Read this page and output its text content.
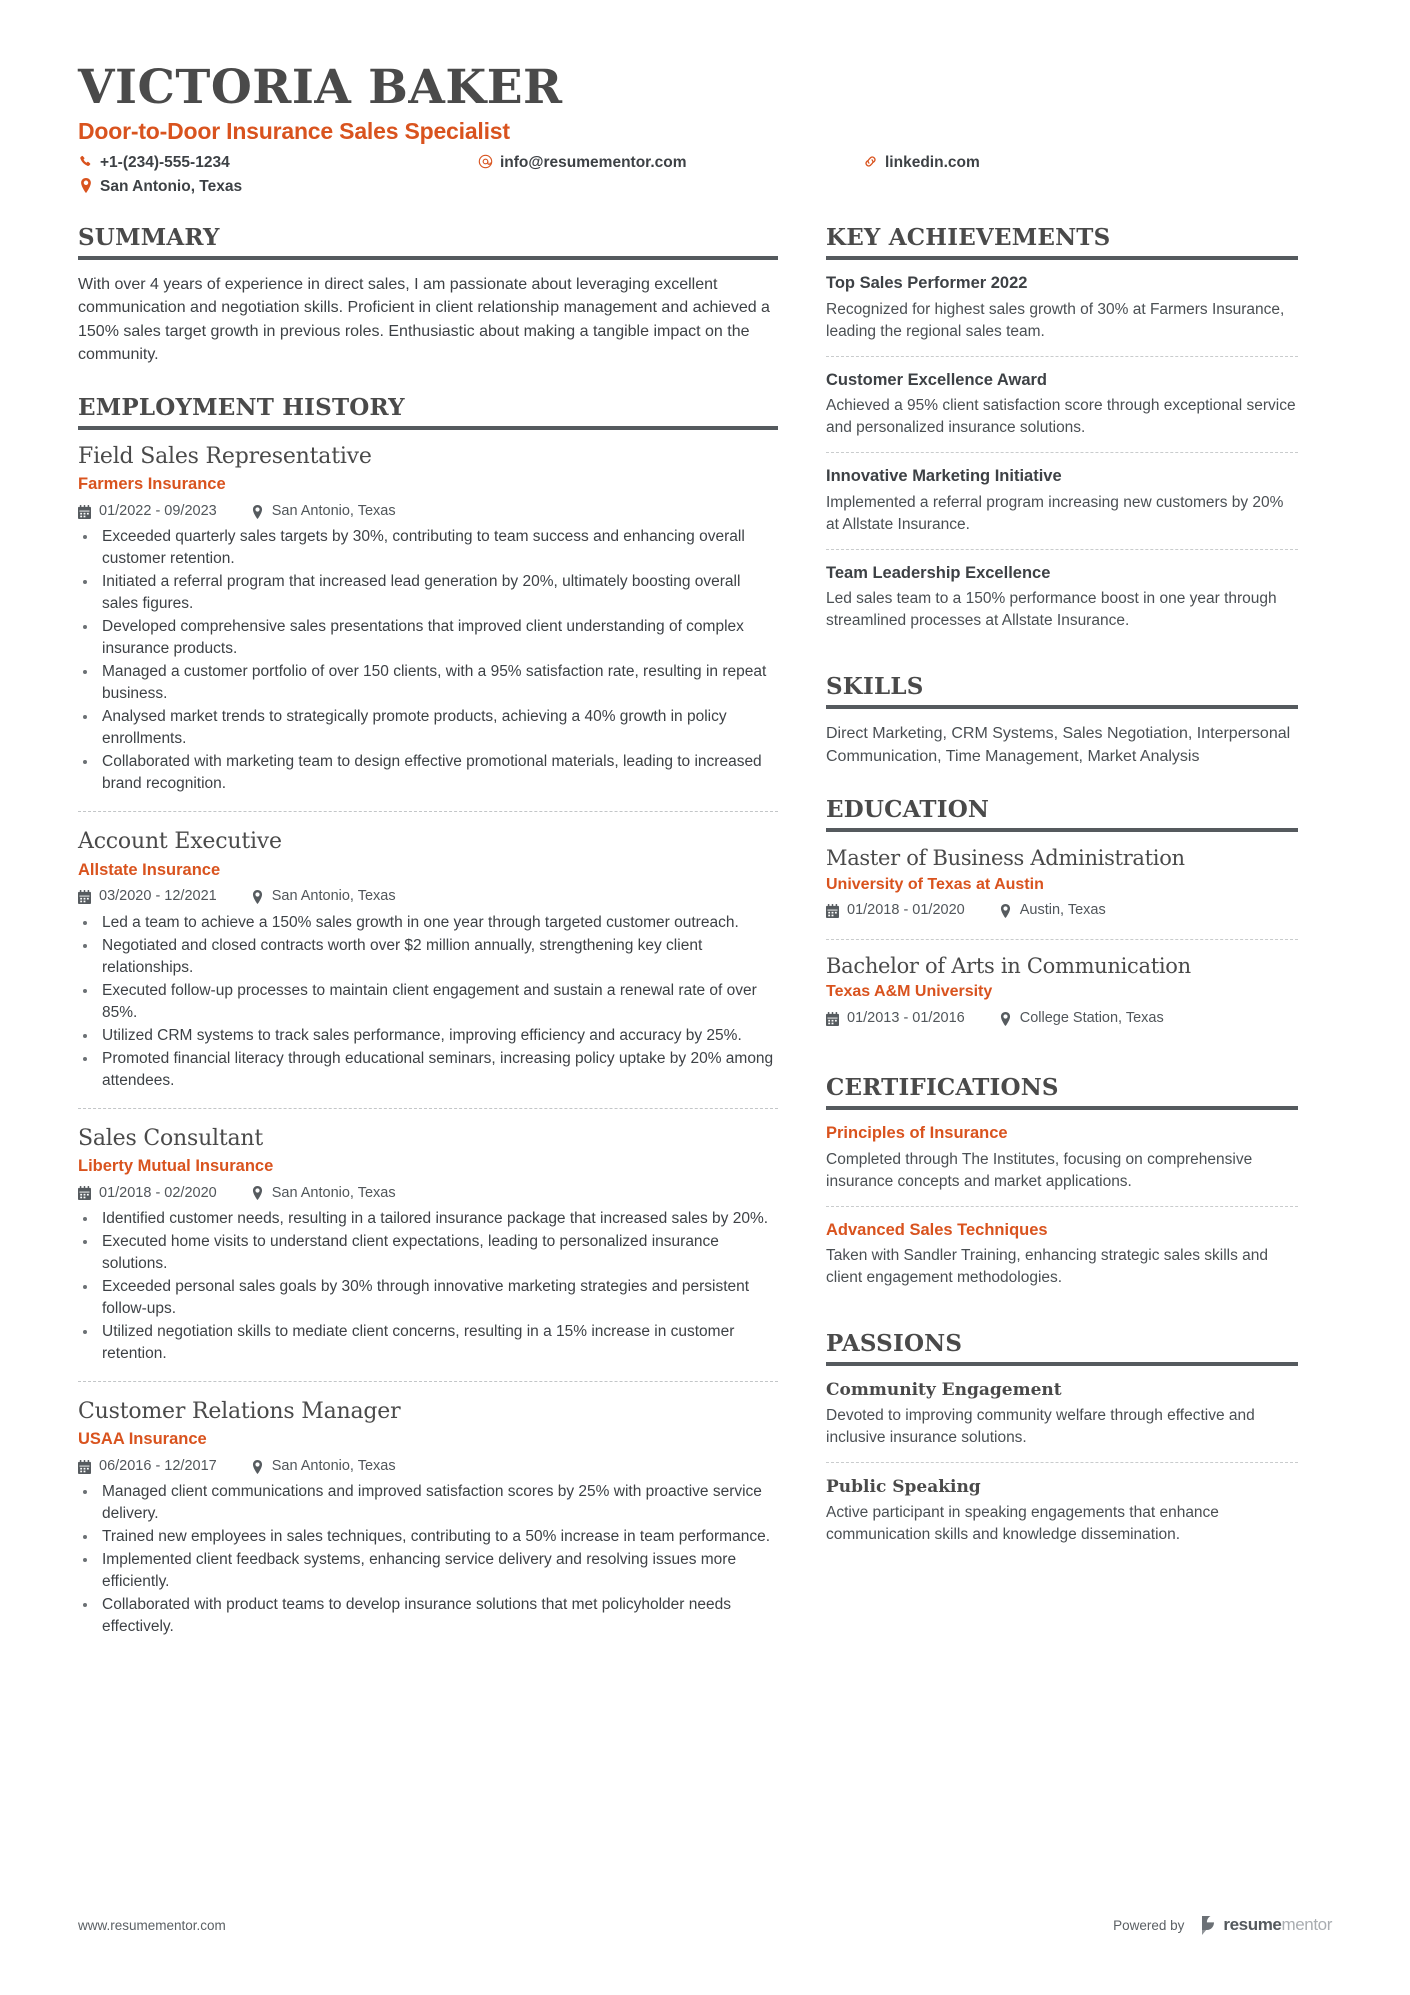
VICTORIA BAKER
Door-to-Door Insurance Sales Specialist
+1-(234)-555-1234	info@resumementor.com	linkedin.com
San Antonio, Texas
SUMMARY
With over 4 years of experience in direct sales, I am passionate about leveraging excellent communication and negotiation skills. Proficient in client relationship management and achieved a 150% sales target growth in previous roles. Enthusiastic about making a tangible impact on the community.
EMPLOYMENT HISTORY
Field Sales Representative
Farmers Insurance
01/2022 - 09/2023	San Antonio, Texas
Exceeded quarterly sales targets by 30%, contributing to team success and enhancing overall customer retention.
Initiated a referral program that increased lead generation by 20%, ultimately boosting overall sales figures.
Developed comprehensive sales presentations that improved client understanding of complex insurance products.
Managed a customer portfolio of over 150 clients, with a 95% satisfaction rate, resulting in repeat business.
Analysed market trends to strategically promote products, achieving a 40% growth in policy enrollments.
Collaborated with marketing team to design effective promotional materials, leading to increased brand recognition.
Account Executive
Allstate Insurance
03/2020 - 12/2021	San Antonio, Texas
Led a team to achieve a 150% sales growth in one year through targeted customer outreach.
Negotiated and closed contracts worth over $2 million annually, strengthening key client relationships.
Executed follow-up processes to maintain client engagement and sustain a renewal rate of over 85%.
Utilized CRM systems to track sales performance, improving efficiency and accuracy by 25%.
Promoted financial literacy through educational seminars, increasing policy uptake by 20% among attendees.
Sales Consultant
Liberty Mutual Insurance
01/2018 - 02/2020	San Antonio, Texas
Identified customer needs, resulting in a tailored insurance package that increased sales by 20%.
Executed home visits to understand client expectations, leading to personalized insurance solutions.
Exceeded personal sales goals by 30% through innovative marketing strategies and persistent follow-ups.
Utilized negotiation skills to mediate client concerns, resulting in a 15% increase in customer retention.
Customer Relations Manager
USAA Insurance
06/2016 - 12/2017	San Antonio, Texas
Managed client communications and improved satisfaction scores by 25% with proactive service delivery.
Trained new employees in sales techniques, contributing to a 50% increase in team performance.
Implemented client feedback systems, enhancing service delivery and resolving issues more efficiently.
Collaborated with product teams to develop insurance solutions that met policyholder needs effectively.
KEY ACHIEVEMENTS
Top Sales Performer 2022
Recognized for highest sales growth of 30% at Farmers Insurance, leading the regional sales team.
Customer Excellence Award
Achieved a 95% client satisfaction score through exceptional service and personalized insurance solutions.
Innovative Marketing Initiative
Implemented a referral program increasing new customers by 20% at Allstate Insurance.
Team Leadership Excellence
Led sales team to a 150% performance boost in one year through streamlined processes at Allstate Insurance.
SKILLS
Direct Marketing, CRM Systems, Sales Negotiation, Interpersonal Communication, Time Management, Market Analysis
EDUCATION
Master of Business Administration
University of Texas at Austin
01/2018 - 01/2020	Austin, Texas
Bachelor of Arts in Communication
Texas A&M University
01/2013 - 01/2016	College Station, Texas
CERTIFICATIONS
Principles of Insurance
Completed through The Institutes, focusing on comprehensive insurance concepts and market applications.
Advanced Sales Techniques
Taken with Sandler Training, enhancing strategic sales skills and client engagement methodologies.
PASSIONS
Community Engagement
Devoted to improving community welfare through effective and inclusive insurance solutions.
Public Speaking
Active participant in speaking engagements that enhance communication skills and knowledge dissemination.
www.resumementor.com	Powered by resumementor
